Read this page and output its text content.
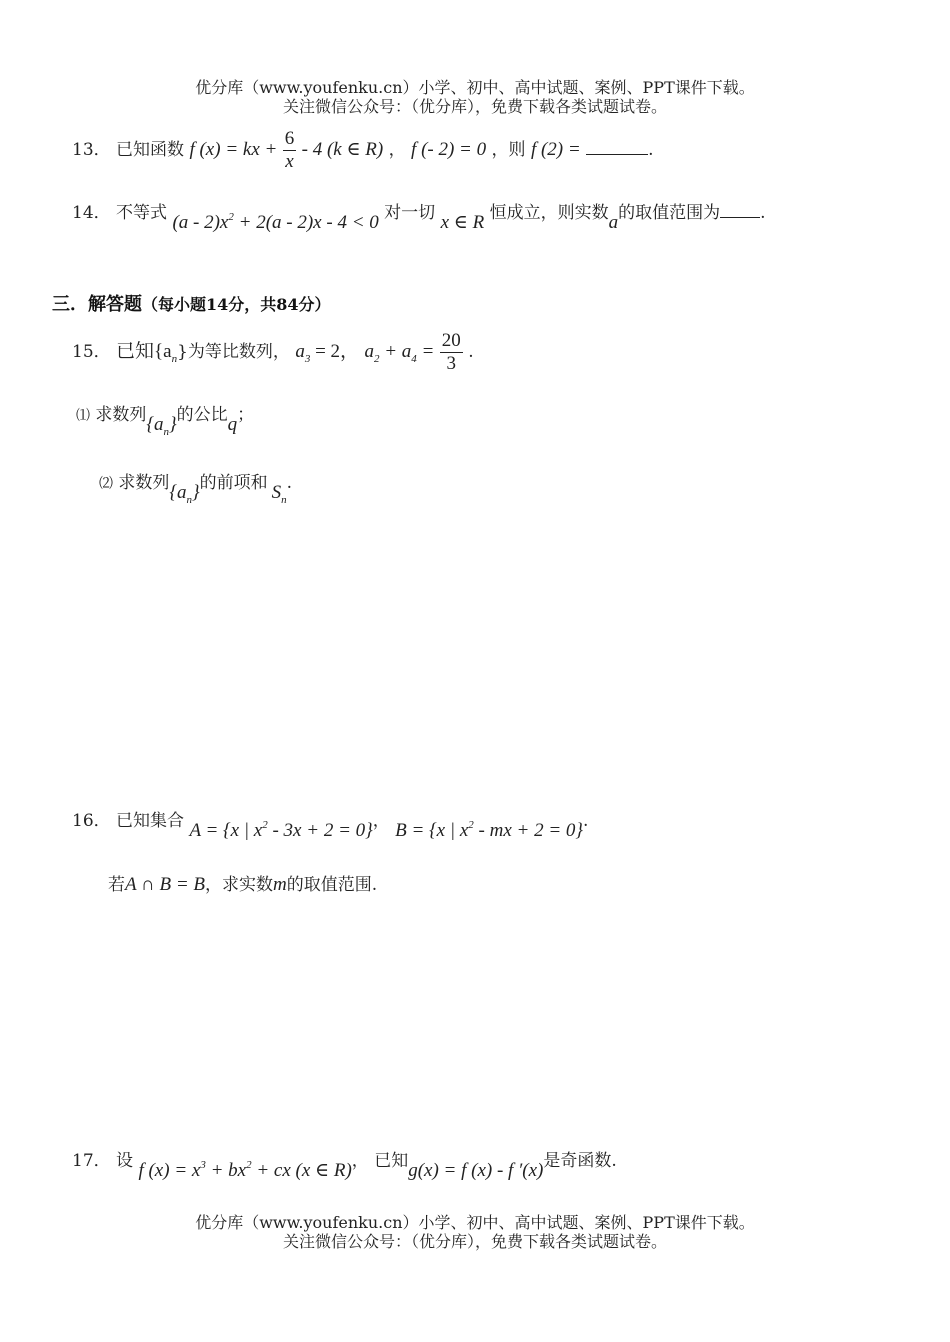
优分库（www.youfenku.cn）小学、初中、高中试题、案例、PPT课件下载。
关注微信公众号：（优分库），免费下载各类试题试卷。
13． 已知函数 f (x) = kx + $\frac{6}{x} - 4$ (k ∈ R) ， f (- 2) = 0 ，则 f (2) =	.
14． 不等式 $(a - 2)x^2 + 2(a - 2)x - 4 < 0$ 对一切 x ∈ R 恒成立，则实数a的取值范围为 .
三．解答题（每小题14分，共84分）
15． 已知$\{a_n\}$为等比数列， $a_3 = 2$， $a_2 + a_4 = \frac{20}{3}$ .
⑴ 求数列$\{a_n\}$的公比q；
⑵ 求数列$\{a_n\}$的前项和 $S_n$.
16． 已知集合 A = {x | $x^2 - 3x + 2 = 0$}， B = {x | $x^2$ - mx + 2 = 0}.
若A ∩ B = B，求实数m的取值范围.
17． 设 f $(x) = x^3 + bx^2$ + cx (x ∈ R)， 已知g(x) = f (x) - f ′(x)是奇函数.
优分库（www.youfenku.cn）小学、初中、高中试题、案例、PPT课件下载。
关注微信公众号：（优分库），免费下载各类试题试卷。
